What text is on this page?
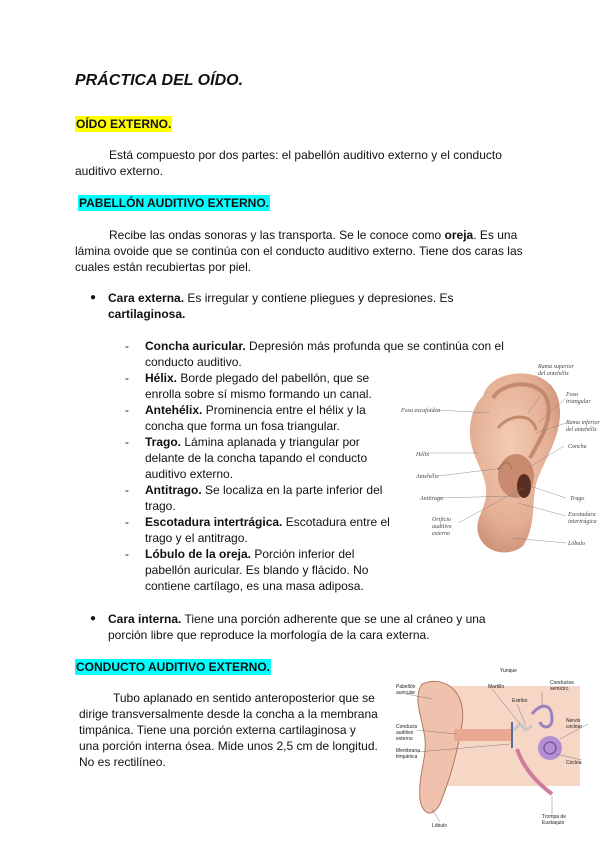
PRÁCTICA DEL OÍDO.
OÍDO EXTERNO.

Está compuesto por dos partes: el pabellón auditivo externo y el conducto auditivo externo.

PABELLÓN AUDITIVO EXTERNO.

Recibe las ondas sonoras y las transporta. Se le conoce como oreja. Es una lámina ovoide que se continúa con el conducto auditivo externo. Tiene dos caras las cuales están recubiertas por piel.

● Cara externa. Es irregular y contiene pliegues y depresiones. Es cartilaginosa.
- Concha auricular. Depresión más profunda que se continúa con el conducto auditivo.
- Hélix. Borde plegado del pabellón, que se enrolla sobre sí mismo formando un canal.
- Antehélix. Prominencia entre el hélix y la concha que forma un fosa triangular.
- Trago. Lámina aplanada y triangular por delante de la concha tapando el conducto auditivo externo.
- Antitrago. Se localiza en la parte inferior del trago.
- Escotadura intertrágica. Escotadura entre el trago y el antitrago.
- Lóbulo de la oreja. Porción inferior del pabellón auricular. Es blando y flácido. No contiene cartílago, es una masa adiposa.
Rama superior
del antehélix
Fosa
triangular
Rama inferior
del antehélix
Fosa escafoidea
Concha
Hélix
Antehélix
Trago
Antitrago
Escotadura
intertrágica
Orificio
auditivo
externo
Lóbulo
● Cara interna. Tiene una porción adherente que se une al cráneo y una porción libre que reproduce la morfología de la cara externa.
CONDUCTO AUDITIVO EXTERNO.

Tubo aplanado en sentido anteroposterior que se dirige transversalmente desde la concha a la membrana timpánica. Tiene una porción externa cartilaginosa y una porción interna ósea. Mide unos 2,5 cm de longitud. No es rectilíneo.

Yunque
Pabellón
auricular
Martillo
Estribo
Conductos
semicirc.
Conducto
auditivo
externo
Membrana
timpánica
Nervio
coclear
Cóclea
Trompa de
Eustaquio
Lóbulo
